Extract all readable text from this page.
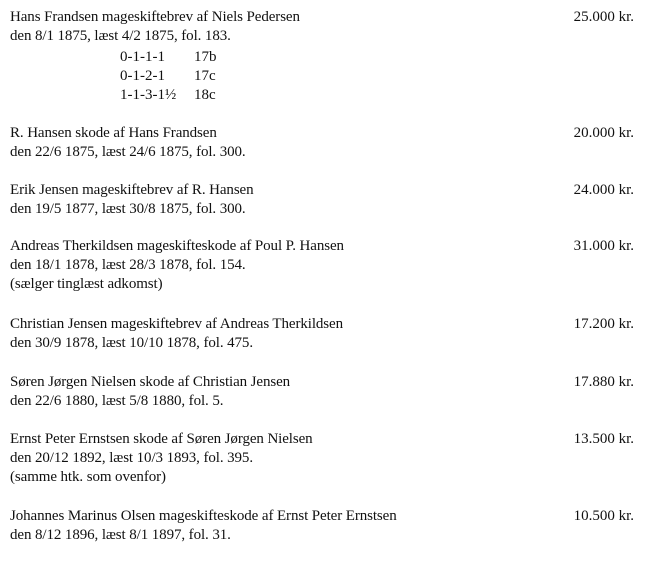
Hans Frandsen mageskiftebrev af Niels Pedersen
den 8/1 1875, læst 4/2 1875, fol. 183.
25.000 kr.
0-1-1-1 17b
0-1-2-1 17c
1-1-3-1½ 18c
R. Hansen skode af Hans Frandsen
den 22/6 1875, læst 24/6 1875, fol. 300.
20.000 kr.
Erik Jensen mageskiftebrev af R. Hansen
den 19/5 1877, læst 30/8 1875, fol. 300.
24.000 kr.
Andreas Therkildsen mageskifteskode af Poul P. Hansen
den 18/1 1878, læst 28/3 1878, fol. 154.
(sælger tinglæst adkomst)
31.000 kr.
Christian Jensen mageskiftebrev af Andreas Therkildsen
den 30/9 1878, læst 10/10 1878, fol. 475.
17.200 kr.
Søren Jørgen Nielsen skode af Christian Jensen
den 22/6 1880, læst 5/8 1880, fol. 5.
17.880 kr.
Ernst Peter Ernstsen skode af Søren Jørgen Nielsen
den 20/12 1892, læst 10/3 1893, fol. 395.
(samme htk. som ovenfor)
13.500 kr.
Johannes Marinus Olsen mageskifteskode af Ernst Peter Ernstsen
den 8/12 1896, læst 8/1 1897, fol. 31.
10.500 kr.
